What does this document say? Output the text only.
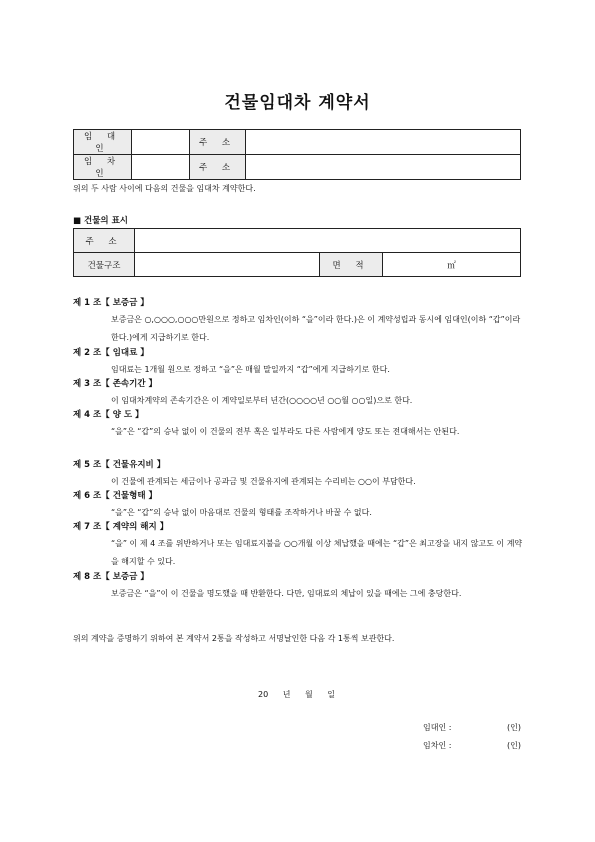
건물임대차 계약서
임 대 인		주 소	
임 차 인		주 소	
위의 두 사람 사이에 다음의 건물을 임대차 계약한다.
■ 건물의 표시
주 소			
건물구조		면 적	㎡
제 1 조【 보증금 】
보증금은 ○,○○○,○○○만원으로 정하고 임차인(이하 “을”이라 한다.)은 이 계약성립과 동시에 임대인(이하 “갑”이라 한다.)에게 지급하기로 한다.
제 2 조【 임대료 】
임대료는 1개월 원으로 정하고 “을”은 매월 말일까지 “갑”에게 지급하기로 한다.
제 3 조【 존속기간 】
이 임대차계약의 존속기간은 이 계약일로부터 년간(○○○○년 ○○월 ○○일)으로 한다.
제 4 조【 양 도 】
“을”은 “갑”의 승낙 없이 이 건물의 전부 혹은 일부라도 다른 사람에게 양도 또는 전대해서는 안된다.
제 5 조【 건물유지비 】
이 건물에 관계되는 세금이나 공과금 및 건물유지에 관계되는 수리비는 ○○이 부담한다.
제 6 조【 건물형태 】
“을”은 “갑”의 승낙 없이 마음대로 건물의 형태를 조작하거나 바꿀 수 없다.
제 7 조【 계약의 해지 】
“을” 이 제 4 조를 위반하거나 또는 임대료지불을 ○○개월 이상 체납했을 때에는 “갑”은 최고장을 내지 않고도 이 계약을 해지할 수 있다.
제 8 조【 보증금 】
보증금은 “을”이 이 건물을 명도했을 때 반환한다. 다만, 임대료의 체납이 있을 때에는 그에 충당한다.
위의 계약을 증명하기 위하여 본 계약서 2통을 작성하고 서명날인한 다음 각 1통씩 보관한다.
20 년 월 일
임대인 :	(인)
임차인 :	(인)
